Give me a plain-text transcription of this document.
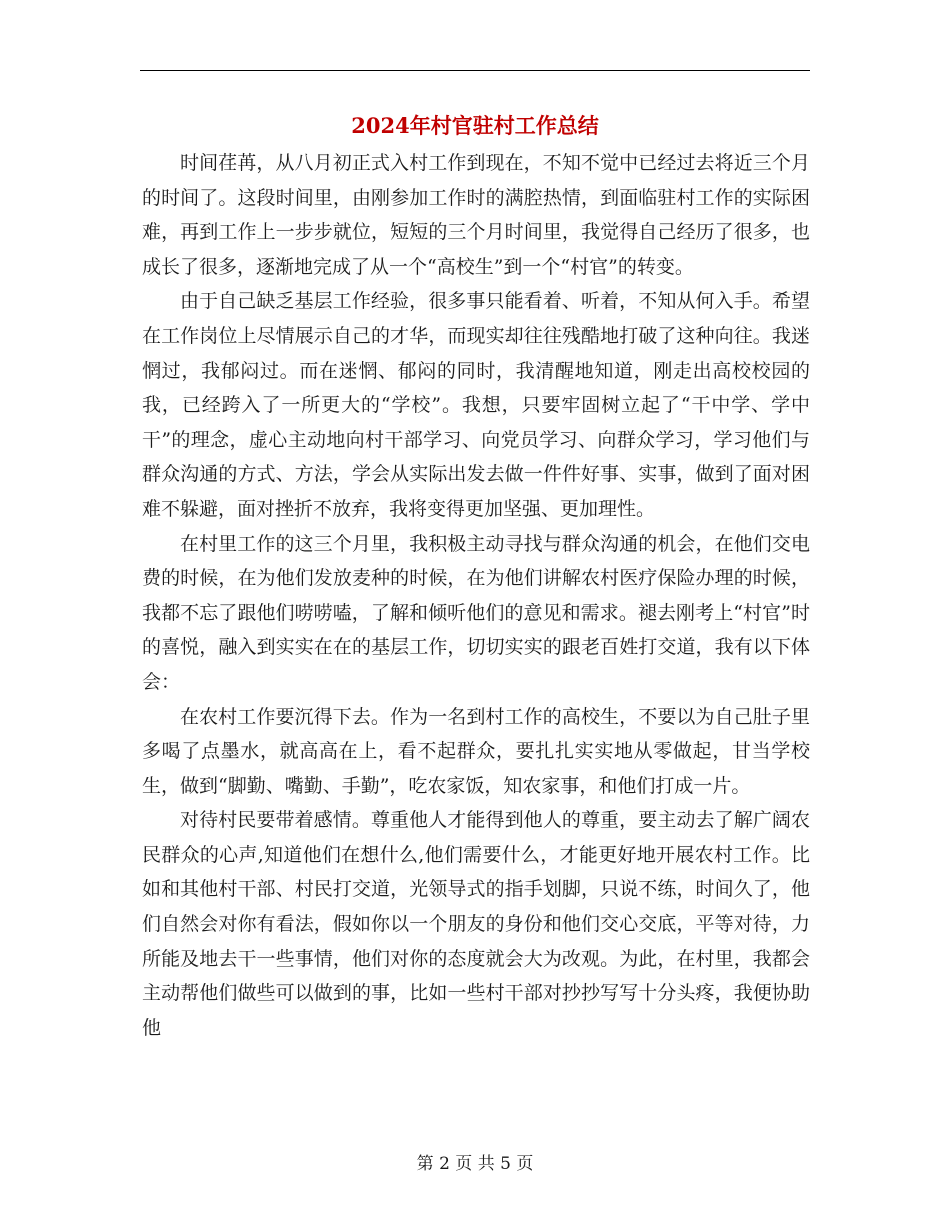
2024年村官驻村工作总结

时间荏苒，从八月初正式入村工作到现在，不知不觉中已经过去将近三个月的时间了。这段时间里，由刚参加工作时的满腔热情，到面临驻村工作的实际困难，再到工作上一步步就位，短短的三个月时间里，我觉得自己经历了很多，也成长了很多，逐渐地完成了从一个“高校生”到一个“村官”的转变。

由于自己缺乏基层工作经验，很多事只能看着、听着，不知从何入手。希望在工作岗位上尽情展示自己的才华，而现实却往往残酷地打破了这种向往。我迷惘过，我郁闷过。而在迷惘、郁闷的同时，我清醒地知道，刚走出高校校园的我，已经跨入了一所更大的“学校”。我想，只要牢固树立起了“干中学、学中干”的理念，虚心主动地向村干部学习、向党员学习、向群众学习，学习他们与群众沟通的方式、方法，学会从实际出发去做一件件好事、实事，做到了面对困难不躲避，面对挫折不放弃，我将变得更加坚强、更加理性。

在村里工作的这三个月里，我积极主动寻找与群众沟通的机会，在他们交电费的时候，在为他们发放麦种的时候，在为他们讲解农村医疗保险办理的时候，我都不忘了跟他们唠唠嗑，了解和倾听他们的意见和需求。褪去刚考上“村官”时的喜悦，融入到实实在在的基层工作，切切实实的跟老百姓打交道，我有以下体会：

在农村工作要沉得下去。作为一名到村工作的高校生，不要以为自己肚子里多喝了点墨水，就高高在上，看不起群众，要扎扎实实地从零做起，甘当学校生，做到“脚勤、嘴勤、手勤”，吃农家饭，知农家事，和他们打成一片。

对待村民要带着感情。尊重他人才能得到他人的尊重，要主动去了解广阔农民群众的心声,知道他们在想什么,他们需要什么，才能更好地开展农村工作。比如和其他村干部、村民打交道，光领导式的指手划脚，只说不练，时间久了，他们自然会对你有看法，假如你以一个朋友的身份和他们交心交底，平等对待，力所能及地去干一些事情，他们对你的态度就会大为改观。为此，在村里，我都会主动帮他们做些可以做到的事，比如一些村干部对抄抄写写十分头疼，我便协助他

第 2 页 共 5 页
